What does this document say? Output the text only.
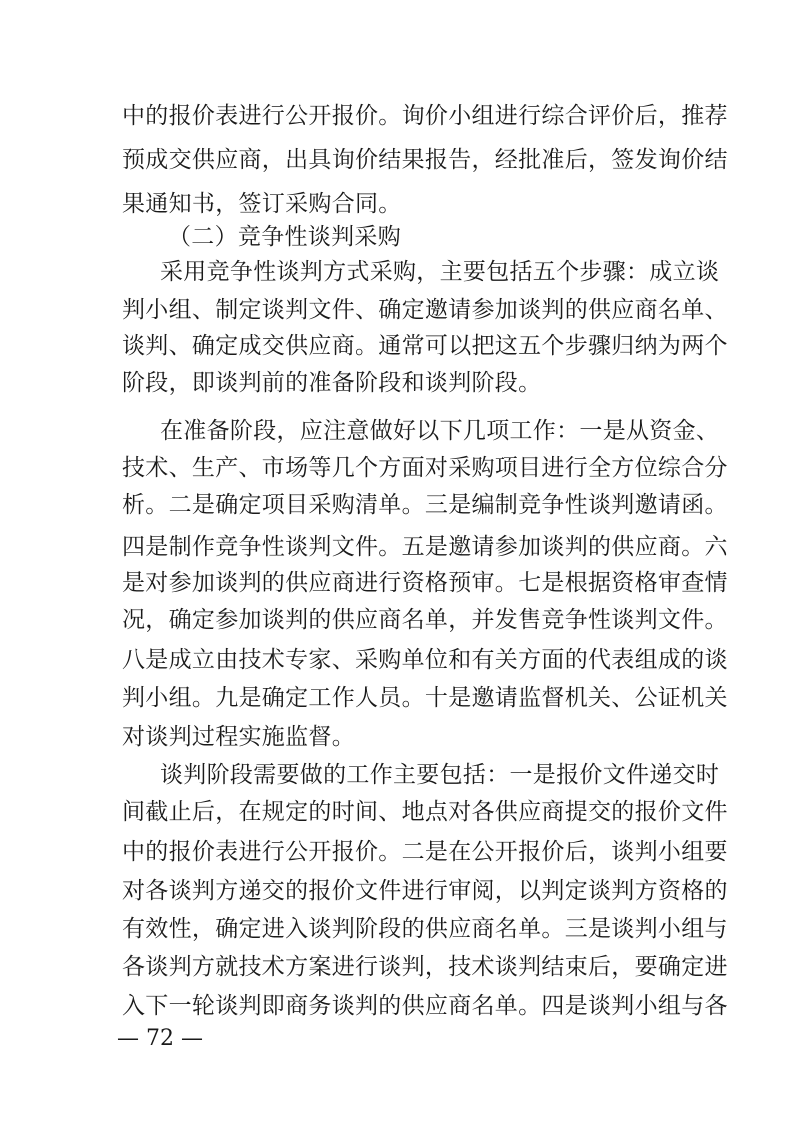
中的报价表进行公开报价。询价小组进行综合评价后，推荐
预成交供应商，出具询价结果报告，经批准后，签发询价结
果通知书，签订采购合同。
（二）竞争性谈判采购
采用竞争性谈判方式采购，主要包括五个步骤：成立谈
判小组、制定谈判文件、确定邀请参加谈判的供应商名单、
谈判、确定成交供应商。通常可以把这五个步骤归纳为两个
阶段，即谈判前的准备阶段和谈判阶段。
在准备阶段，应注意做好以下几项工作：一是从资金、
技术、生产、市场等几个方面对采购项目进行全方位综合分
析。二是确定项目采购清单。三是编制竞争性谈判邀请函。
四是制作竞争性谈判文件。五是邀请参加谈判的供应商。六
是对参加谈判的供应商进行资格预审。七是根据资格审查情
况，确定参加谈判的供应商名单，并发售竞争性谈判文件。
八是成立由技术专家、采购单位和有关方面的代表组成的谈
判小组。九是确定工作人员。十是邀请监督机关、公证机关
对谈判过程实施监督。
谈判阶段需要做的工作主要包括：一是报价文件递交时
间截止后，在规定的时间、地点对各供应商提交的报价文件
中的报价表进行公开报价。二是在公开报价后，谈判小组要
对各谈判方递交的报价文件进行审阅，以判定谈判方资格的
有效性，确定进入谈判阶段的供应商名单。三是谈判小组与
各谈判方就技术方案进行谈判，技术谈判结束后，要确定进
入下一轮谈判即商务谈判的供应商名单。四是谈判小组与各
— 72 —
